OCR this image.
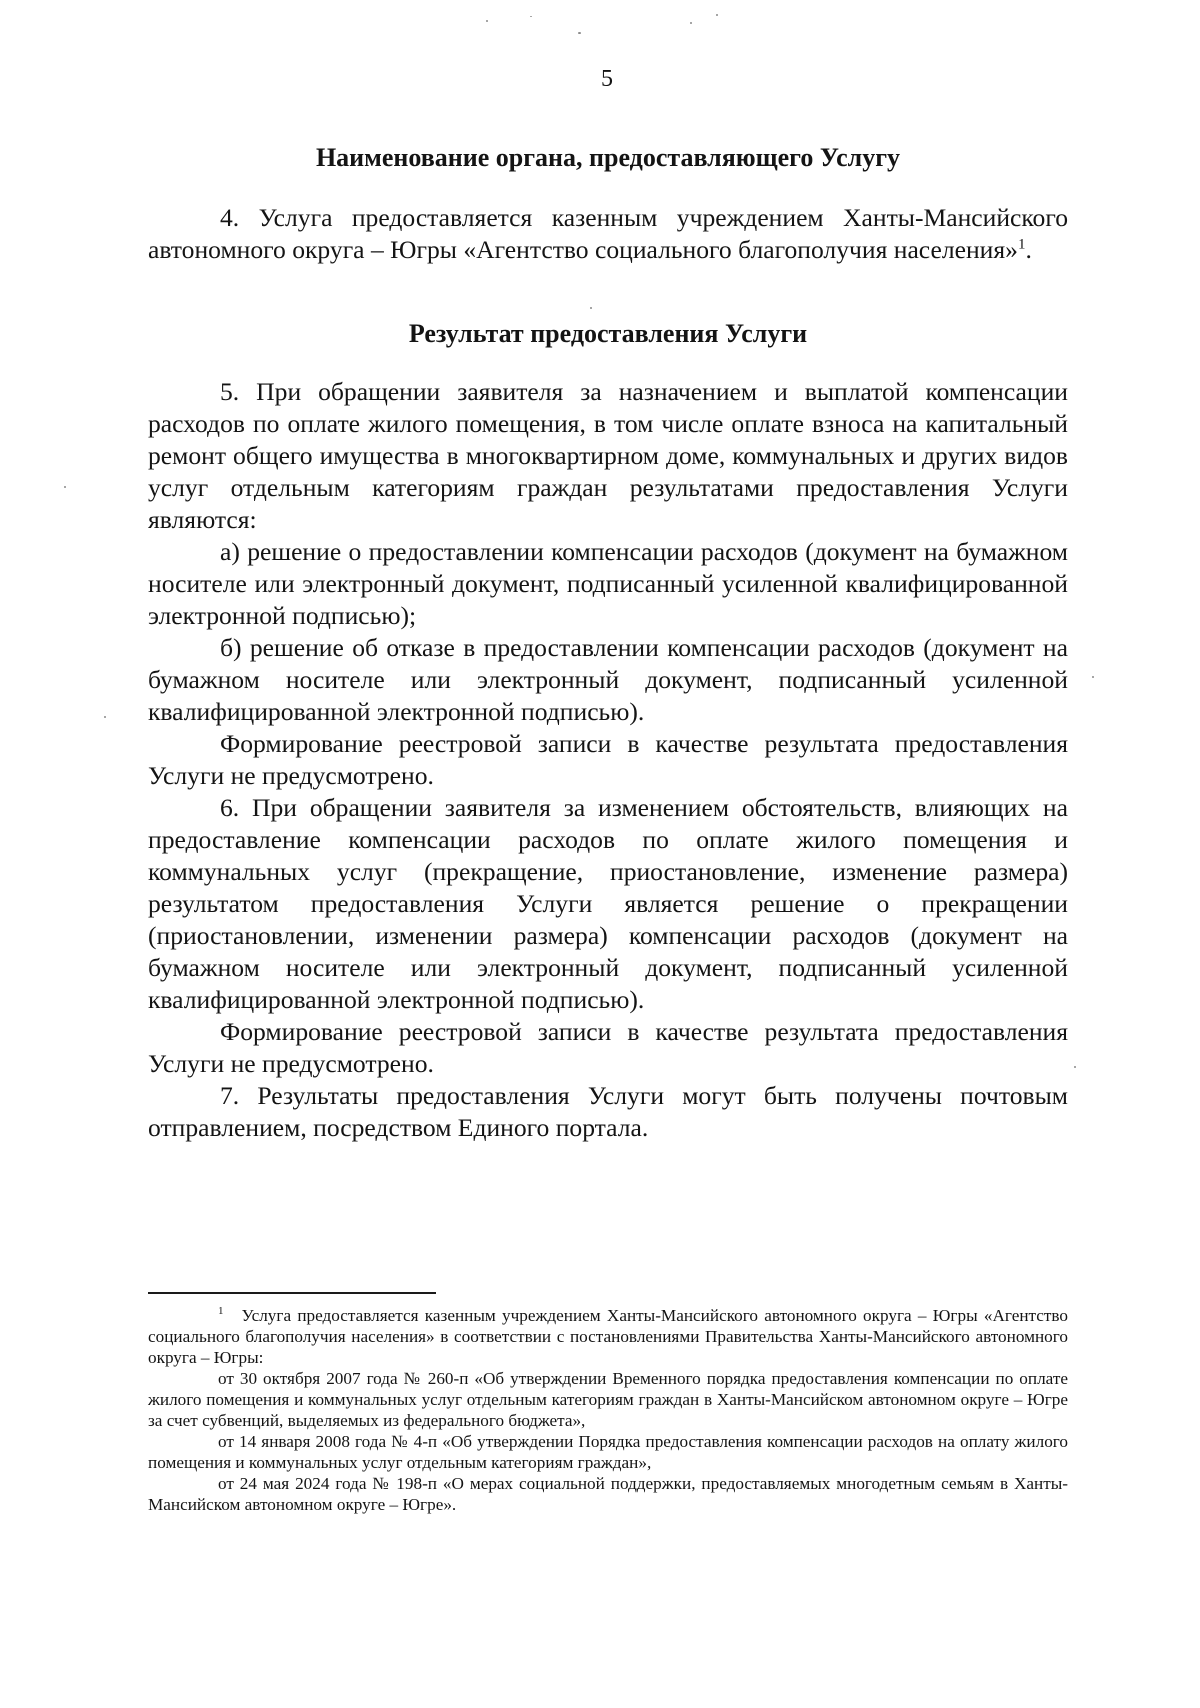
5

Наименование органа, предоставляющего Услугу

4. Услуга предоставляется казенным учреждением Ханты-Мансийского автономного округа – Югры «Агентство социального благополучия населения»$^1$.

Результат предоставления Услуги

5. При обращении заявителя за назначением и выплатой компенсации расходов по оплате жилого помещения, в том числе оплате взноса на капитальный ремонт общего имущества в многоквартирном доме, коммунальных и других видов услуг отдельным категориям граждан результатами предоставления Услуги являются:

а) решение о предоставлении компенсации расходов (документ на бумажном носителе или электронный документ, подписанный усиленной квалифицированной электронной подписью);

б) решение об отказе в предоставлении компенсации расходов (документ на бумажном носителе или электронный документ, подписанный усиленной квалифицированной электронной подписью).

Формирование реестровой записи в качестве результата предоставления Услуги не предусмотрено.

6. При обращении заявителя за изменением обстоятельств, влияющих на предоставление компенсации расходов по оплате жилого помещения и коммунальных услуг (прекращение, приостановление, изменение размера) результатом предоставления Услуги является решение о прекращении (приостановлении, изменении размера) компенсации расходов (документ на бумажном носителе или электронный документ, подписанный усиленной квалифицированной электронной подписью).

Формирование реестровой записи в качестве результата предоставления Услуги не предусмотрено.

7. Результаты предоставления Услуги могут быть получены почтовым отправлением, посредством Единого портала.

$^1$ Услуга предоставляется казенным учреждением Ханты-Мансийского автономного округа – Югры «Агентство социального благополучия населения» в соответствии с постановлениями Правительства Ханты-Мансийского автономного округа – Югры:

от 30 октября 2007 года № 260-п «Об утверждении Временного порядка предоставления компенсации по оплате жилого помещения и коммунальных услуг отдельным категориям граждан в Ханты-Мансийском автономном округе – Югре за счет субвенций, выделяемых из федерального бюджета»,

от 14 января 2008 года № 4-п «Об утверждении Порядка предоставления компенсации расходов на оплату жилого помещения и коммунальных услуг отдельным категориям граждан»,

от 24 мая 2024 года № 198-п «О мерах социальной поддержки, предоставляемых многодетным семьям в Ханты-Мансийском автономном округе – Югре».
